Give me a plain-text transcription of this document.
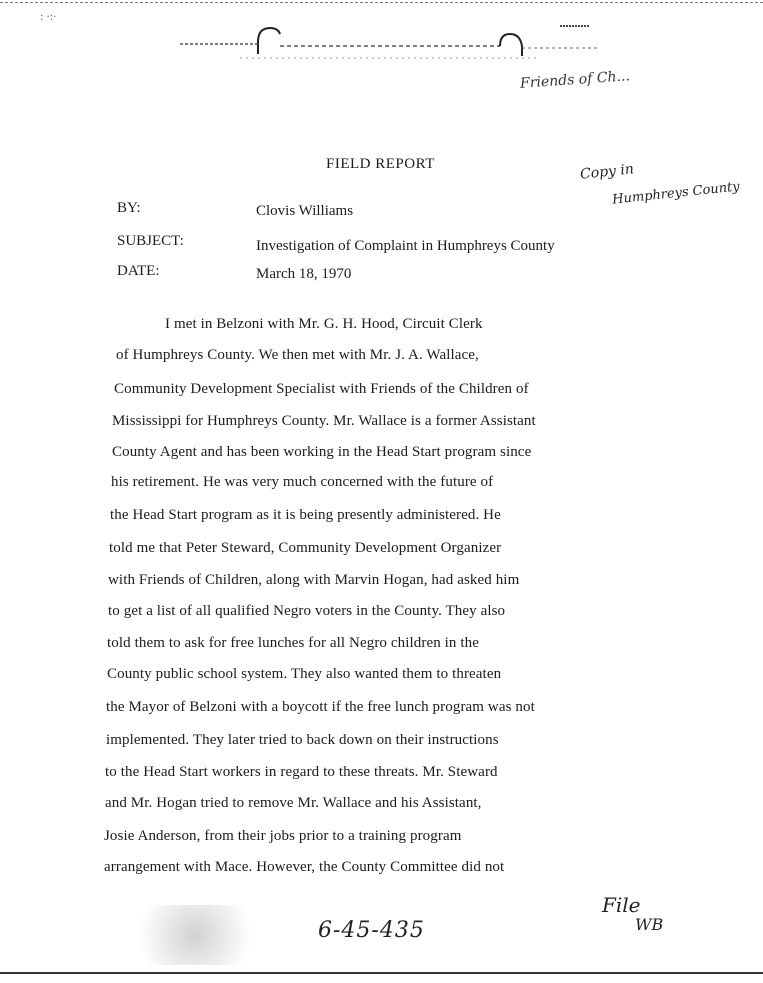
: ·:·
Friends of Ch...
FIELD REPORT	Copy in
Humphreys County
BY:	Clovis Williams
SUBJECT:	Investigation of Complaint in Humphreys County
DATE:	March 18, 1970
I met in Belzoni with Mr. G. H. Hood, Circuit Clerk
of Humphreys County. We then met with Mr. J. A. Wallace,
Community Development Specialist with Friends of the Children of
Mississippi for Humphreys County. Mr. Wallace is a former Assistant
County Agent and has been working in the Head Start program since
his retirement. He was very much concerned with the future of
the Head Start program as it is being presently administered. He
told me that Peter Steward, Community Development Organizer
with Friends of Children, along with Marvin Hogan, had asked him
to get a list of all qualified Negro voters in the County. They also
told them to ask for free lunches for all Negro children in the
County public school system. They also wanted them to threaten
the Mayor of Belzoni with a boycott if the free lunch program was not
implemented. They later tried to back down on their instructions
to the Head Start workers in regard to these threats. Mr. Steward
and Mr. Hogan tried to remove Mr. Wallace and his Assistant,
Josie Anderson, from their jobs prior to a training program
arrangement with Mace. However, the County Committee did not
6-45-435
File
WB
